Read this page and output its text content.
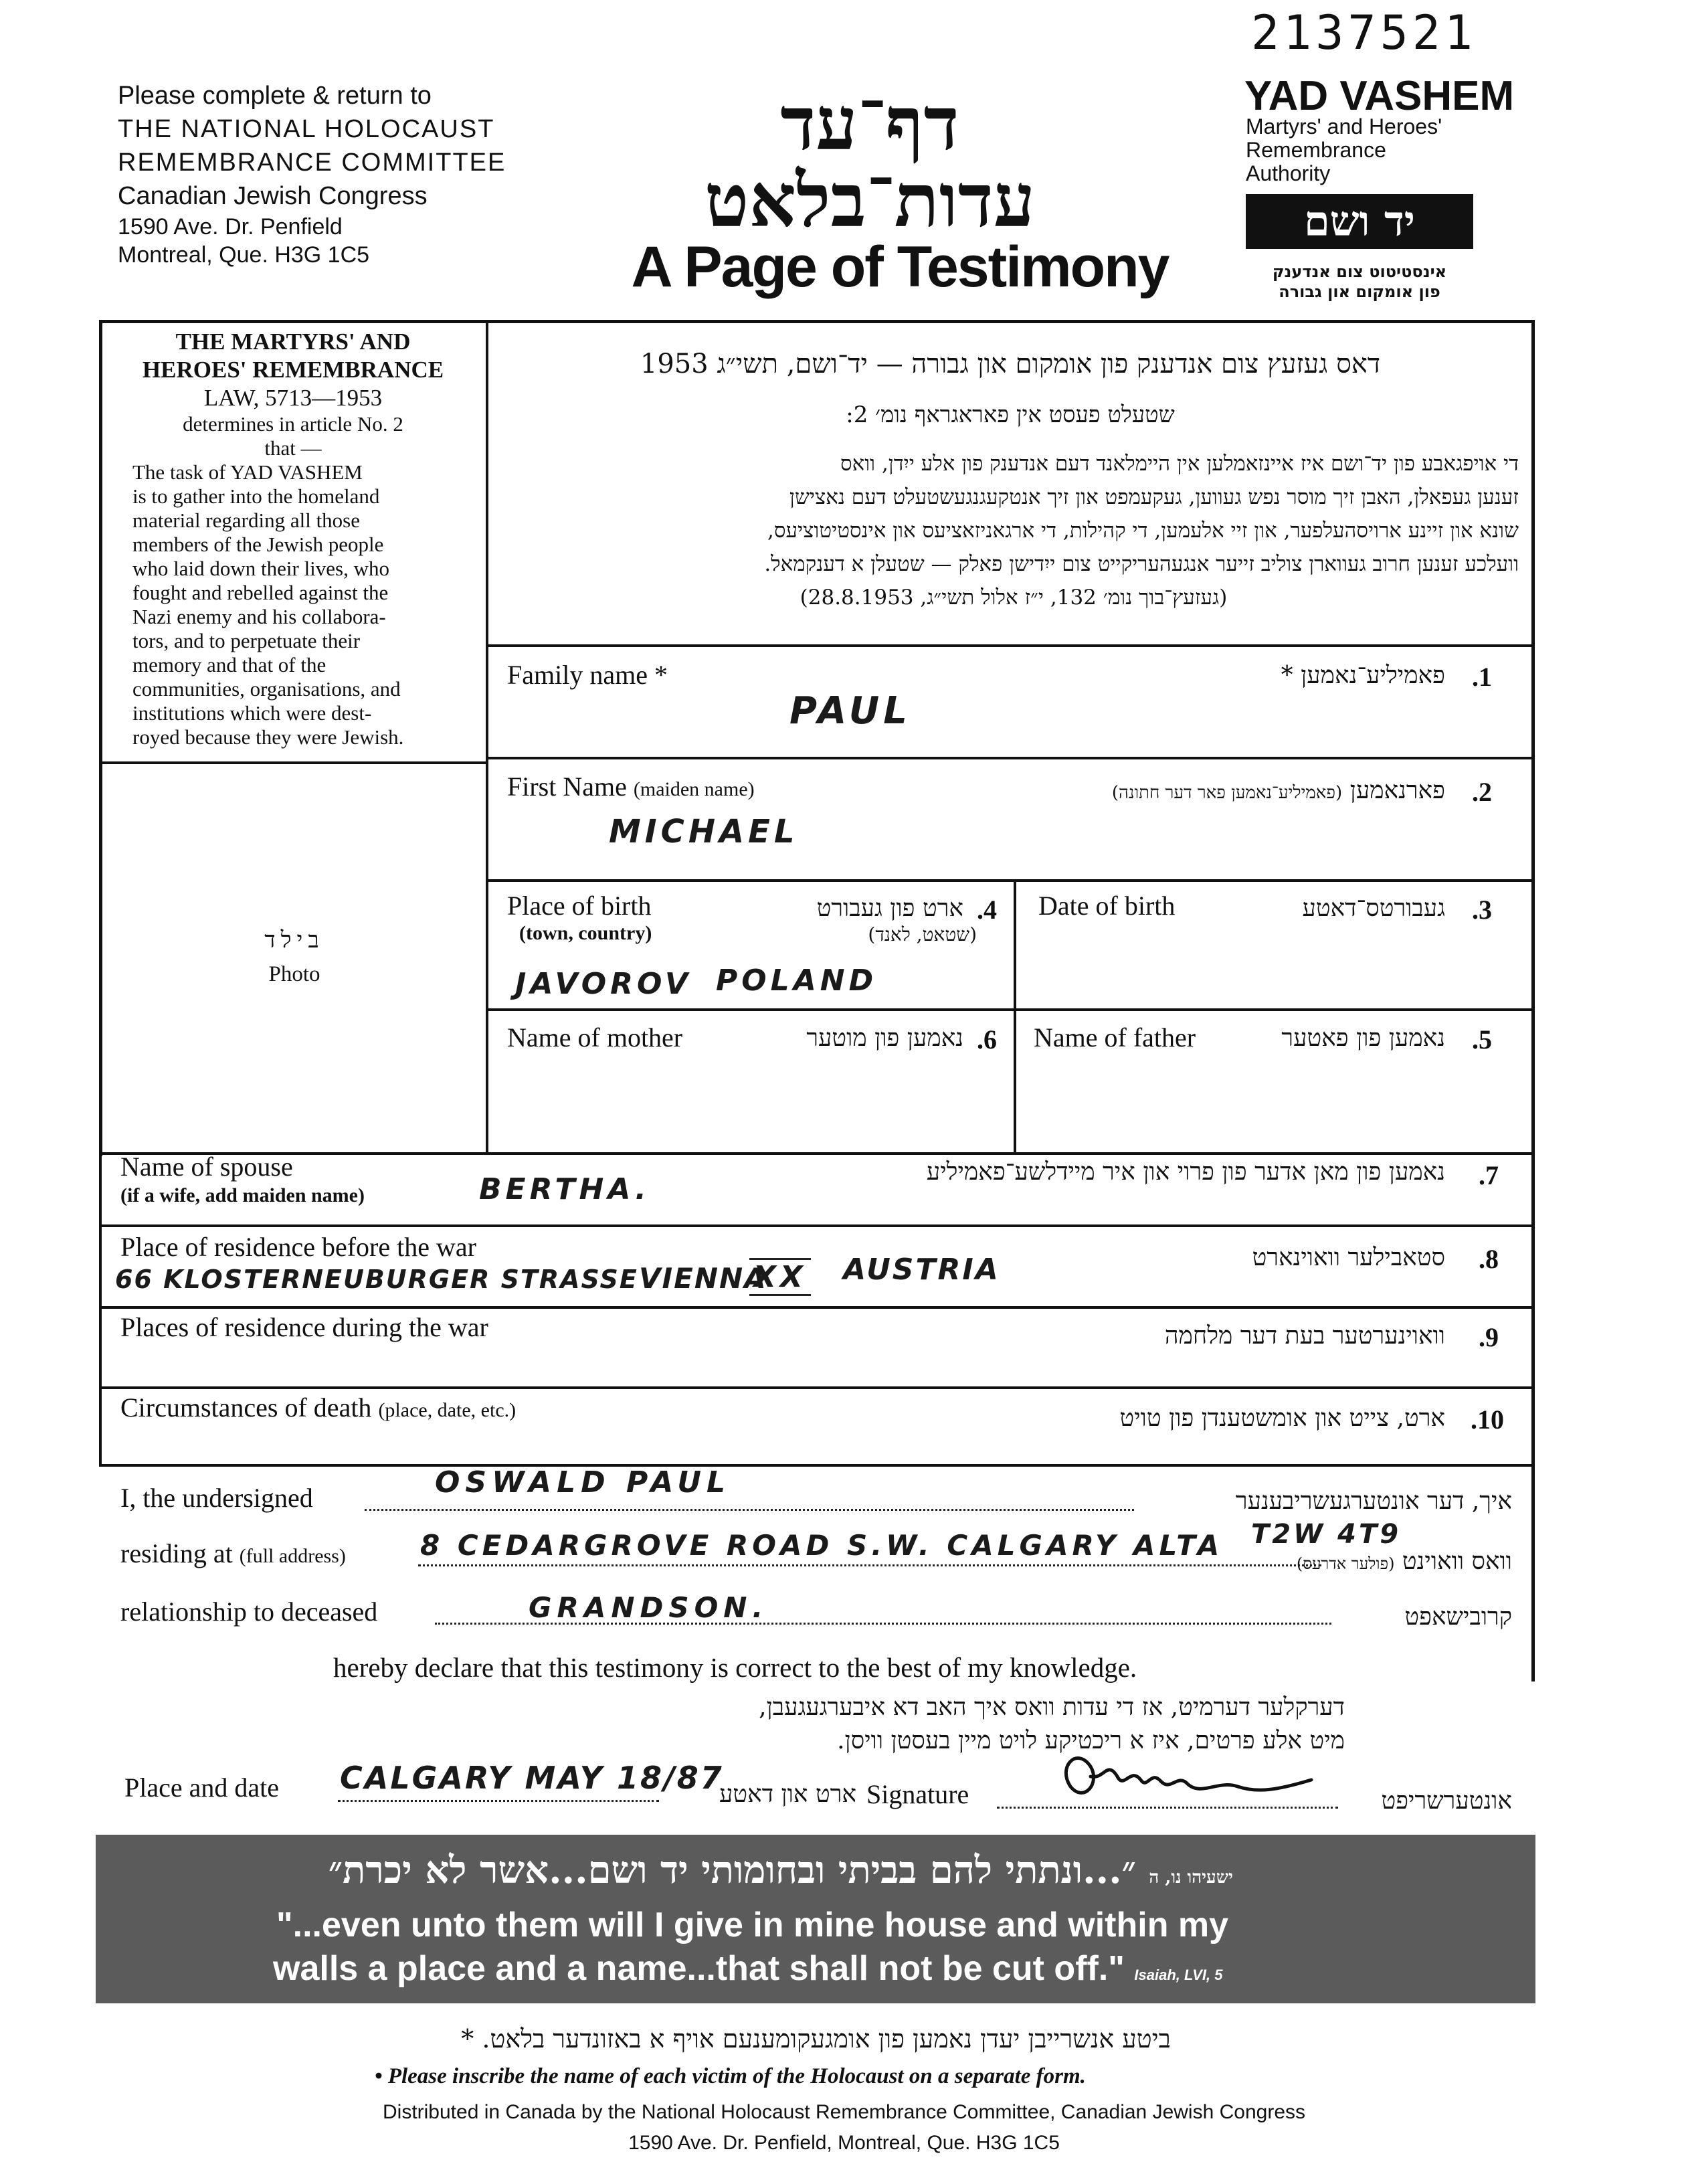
2137521
Please complete & return to
THE NATIONAL HOLOCAUST
REMEMBRANCE COMMITTEE
Canadian Jewish Congress
1590 Ave. Dr. Penfield
Montreal, Que. H3G 1C5
דף־עד
עדות־בלאט
A Page of Testimony
YAD VASHEM
Martyrs' and Heroes'
Remembrance
Authority
יד ושם
אינסטיטוט צום אנדענק
פון אומקום און גבורה
THE MARTYRS' AND
HEROES' REMEMBRANCE
LAW, 5713—1953
determines in article No. 2
that —
The task of YAD VASHEM
is to gather into the homeland
material regarding all those
members of the Jewish people
who laid down their lives, who
fought and rebelled against the
Nazi enemy and his collabora-
tors, and to perpetuate their
memory and that of the
communities, organisations, and
institutions which were dest-
royed because they were Jewish.
בילד
Photo
דאס געזעץ צום אנדענק פון אומקום און גבורה — יד־ושם, תשי״ג 1953
שטעלט פעסט אין פאראגראף נומ׳ 2:
די אויפגאבע פון יד־ושם איז איינזאמלען אין היימלאנד דעם אנדענק פון אלע ייִדן, וואס
זענען געפאלן, האבן זיך מוסר נפש געווען, געקעמפט און זיך אנטקעגנגעשטעלט דעם נאצישן
שונא און זיינע ארויסהעלפער, און זיי אלעמען, די קהילות, די ארגאניזאציעס און אינסטיטוציעס,
וועלכע זענען חרוב געווארן צוליב זייער אנגעהעריקייט צום ייִדישן פאלק — שטעלן א דענקמאל.
(געזעץ־בוך נומ׳ 132, י״ז אלול תשי״ג, 28.8.1953)
Family name *	פאמיליע־נאמען * .1
PAUL
First Name (maiden name)	פארנאמען (פאמיליע־נאמען פאר דער חתונה)	.2
MICHAEL
Place of birth
(town, country)
ארט פון געבורט
(שטאט, לאנד)
.4
JAVOROV POLAND
Date of birth	געבורטס־דאטע .3
Name of mother	נאמען פון מוטער .6 Name of father	נאמען פון פאטער .5
Name of spouse
(if a wife, add maiden name)	BERTHA.
נאמען פון מאן אדער פון פרוי און איר מיידלשע־פאמיליע .7
Place of residence before the war
66 KLOSTERNEUBURGER STRASSE VIENNA
XX AUSTRIA	סטאבילער וואוינארט .8
Places of residence during the war	וואוינערטער בעת דער מלחמה .9
Circumstances of death (place, date, etc.)	ארט, צייט און אומשטענדן פון טויט .10
I, the undersigned	OSWALD PAUL
איך, דער אונטערגעשריבענער
residing at (full address)	8 CEDARGROVE ROAD S.W. CALGARY ALTA T2W 4T9
וואס וואוינט (פולער אדרעס)
relationship to deceased	GRANDSON.	קרובישאפט
hereby declare that this testimony is correct to the best of my knowledge.
דערקלער דערמיט, אז די עדות וואס איך האב דא איבערגעגעבן,
מיט אלע פרטים, איז א ריכטיקע לויט מיין בעסטן וויסן.
Place and date CALGARY MAY 18/87
ארט און דאטע Signature	אונטערשריפט
ישעיהו נו, ה ״...ונתתי להם בביתי ובחומותי יד ושם...אשר לא יכרת״
"...even unto them will I give in mine house and within my
walls a place and a name...that shall not be cut off." Isaiah, LVI, 5
ביטע אנשרייבן יעדן נאמען פון אומגעקומענעם אויף א באזונדער בלאט. *
• Please inscribe the name of each victim of the Holocaust on a separate form.
Distributed in Canada by the National Holocaust Remembrance Committee, Canadian Jewish Congress
1590 Ave. Dr. Penfield, Montreal, Que. H3G 1C5
